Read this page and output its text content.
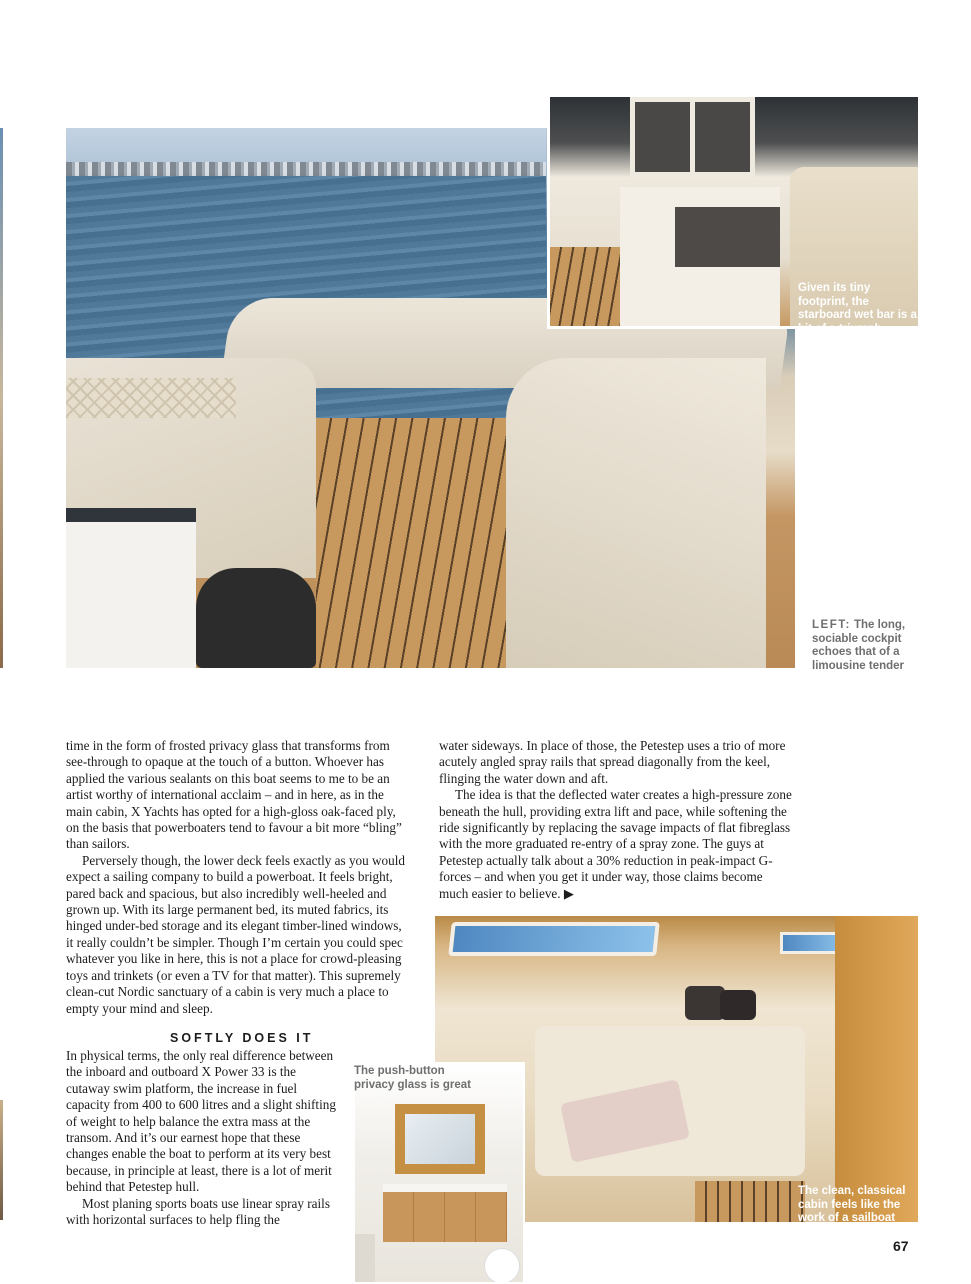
Given its tiny footprint, the starboard wet bar is a bit of a triumph
LEFT: The long, sociable cockpit echoes that of a limousine tender

time in the form of frosted privacy glass that transforms from see-through to opaque at the touch of a button. Whoever has applied the various sealants on this boat seems to me to be an artist worthy of international acclaim – and in here, as in the main cabin, X Yachts has opted for a high-gloss oak-faced ply, on the basis that powerboaters tend to favour a bit more “bling” than sailors.

Perversely though, the lower deck feels exactly as you would expect a sailing company to build a powerboat. It feels bright, pared back and spacious, but also incredibly well-heeled and grown up. With its large permanent bed, its muted fabrics, its hinged under-bed storage and its elegant timber-lined windows, it really couldn’t be simpler. Though I’m certain you could spec whatever you like in here, this is not a place for crowd-pleasing toys and trinkets (or even a TV for that matter). This supremely clean-cut Nordic sanctuary of a cabin is very much a place to empty your mind and sleep.

SOFTLY DOES IT

In physical terms, the only real difference between the inboard and outboard X Power 33 is the cutaway swim platform, the increase in fuel capacity from 400 to 600 litres and a slight shifting of weight to help balance the extra mass at the transom. And it’s our earnest hope that these changes enable the boat to perform at its very best because, in principle at least, there is a lot of merit behind that Petestep hull.

Most planing sports boats use linear spray rails with horizontal surfaces to help fling the

water sideways. In place of those, the Petestep uses a trio of more acutely angled spray rails that spread diagonally from the keel, flinging the water down and aft.

The idea is that the deflected water creates a high-pressure zone beneath the hull, providing extra lift and pace, while softening the ride significantly by replacing the savage impacts of flat fibreglass with the more graduated re-entry of a spray zone. The guys at Petestep actually talk about a 30% reduction in peak-impact G-forces – and when you get it under way, those claims become much easier to believe. ▶

The clean, classical cabin feels like the work of a sailboat builder
The push-button privacy glass is great
67
